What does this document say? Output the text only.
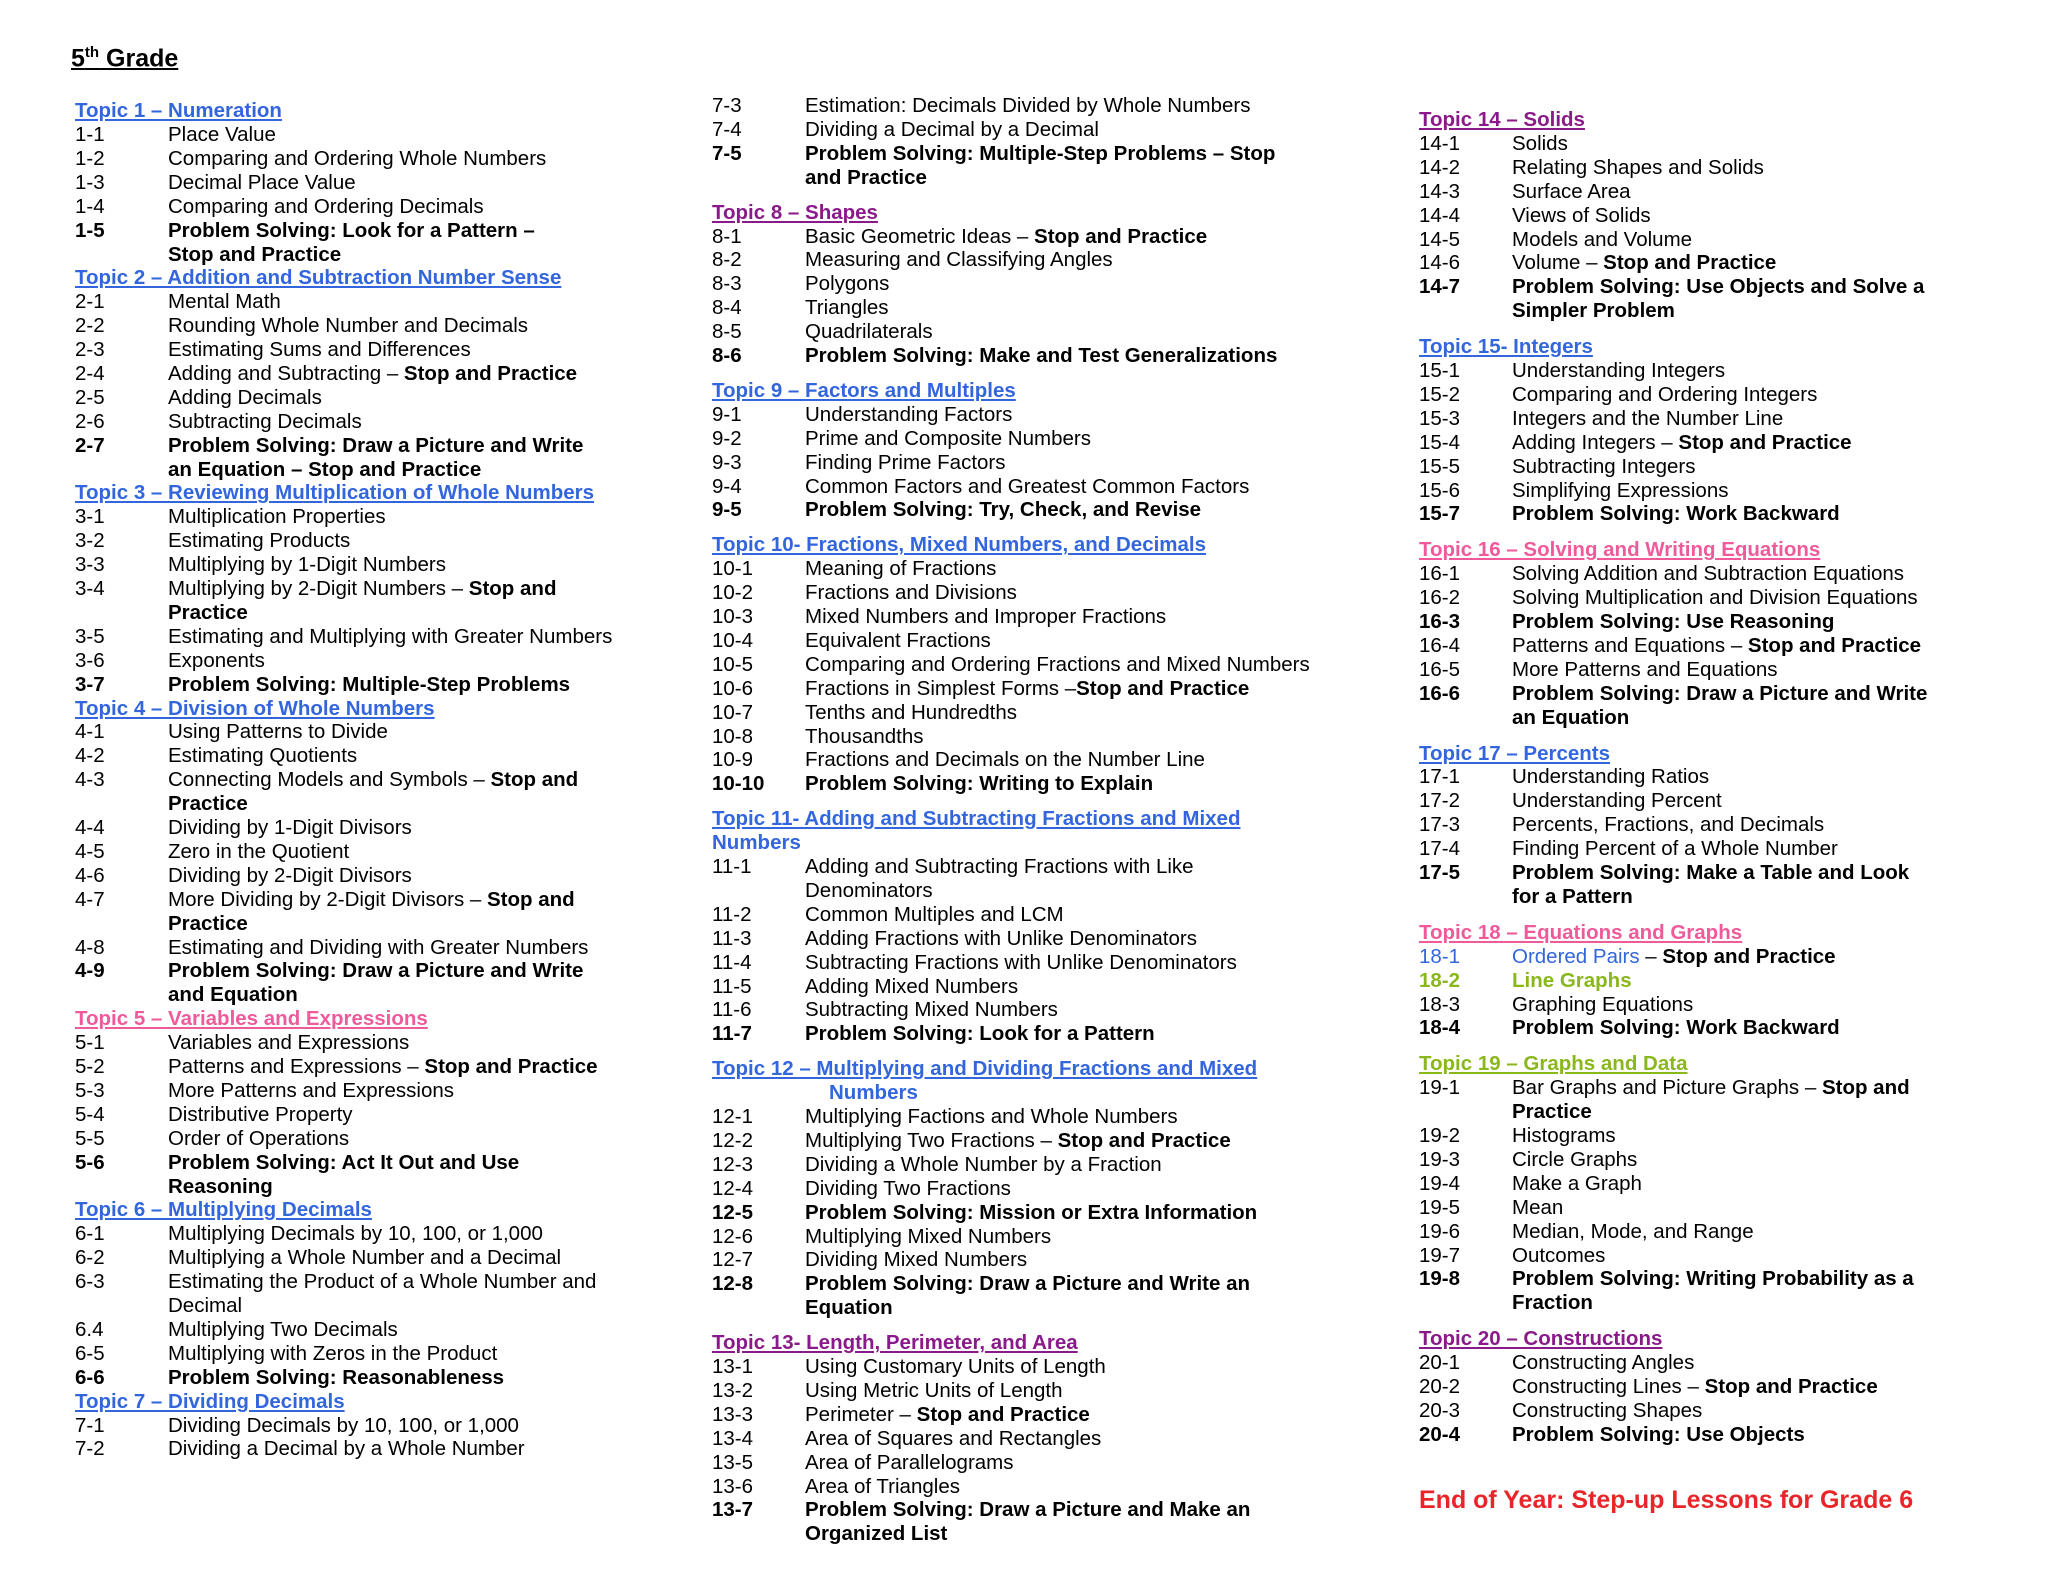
5th Grade
Topic 1 – Numeration
1-1	Place Value
1-2	Comparing and Ordering Whole Numbers
1-3	Decimal Place Value
1-4	Comparing and Ordering Decimals
1-5	Problem Solving: Look for a Pattern –
Stop and Practice
Topic 2 – Addition and Subtraction Number Sense
2-1	Mental Math
2-2	Rounding Whole Number and Decimals
2-3	Estimating Sums and Differences
2-4	Adding and Subtracting – Stop and Practice
2-5	Adding Decimals
2-6	Subtracting Decimals
2-7	Problem Solving: Draw a Picture and Write
an Equation – Stop and Practice
Topic 3 – Reviewing Multiplication of Whole Numbers
3-1	Multiplication Properties
3-2	Estimating Products
3-3	Multiplying by 1-Digit Numbers
3-4	Multiplying by 2-Digit Numbers – Stop and
Practice
3-5	Estimating and Multiplying with Greater Numbers
3-6	Exponents
3-7	Problem Solving: Multiple-Step Problems
Topic 4 – Division of Whole Numbers
4-1	Using Patterns to Divide
4-2	Estimating Quotients
4-3	Connecting Models and Symbols – Stop and
Practice
4-4	Dividing by 1-Digit Divisors
4-5	Zero in the Quotient
4-6	Dividing by 2-Digit Divisors
4-7	More Dividing by 2-Digit Divisors – Stop and
Practice
4-8	Estimating and Dividing with Greater Numbers
4-9	Problem Solving: Draw a Picture and Write
and Equation
Topic 5 – Variables and Expressions
5-1	Variables and Expressions
5-2	Patterns and Expressions – Stop and Practice
5-3	More Patterns and Expressions
5-4	Distributive Property
5-5	Order of Operations
5-6	Problem Solving: Act It Out and Use
Reasoning
Topic 6 – Multiplying Decimals
6-1	Multiplying Decimals by 10, 100, or 1,000
6-2	Multiplying a Whole Number and a Decimal
6-3	Estimating the Product of a Whole Number and
Decimal
6.4	Multiplying Two Decimals
6-5	Multiplying with Zeros in the Product
6-6	Problem Solving: Reasonableness
Topic 7 – Dividing Decimals
7-1	Dividing Decimals by 10, 100, or 1,000
7-2	Dividing a Decimal by a Whole Number
7-3	Estimation: Decimals Divided by Whole Numbers
7-4	Dividing a Decimal by a Decimal
7-5	Problem Solving: Multiple-Step Problems – Stop
and Practice
Topic 8 – Shapes
8-1	Basic Geometric Ideas – Stop and Practice
8-2	Measuring and Classifying Angles
8-3	Polygons
8-4	Triangles
8-5	Quadrilaterals
8-6	Problem Solving: Make and Test Generalizations
Topic 9 – Factors and Multiples
9-1	Understanding Factors
9-2	Prime and Composite Numbers
9-3	Finding Prime Factors
9-4	Common Factors and Greatest Common Factors
9-5	Problem Solving: Try, Check, and Revise
Topic 10- Fractions, Mixed Numbers, and Decimals
10-1	Meaning of Fractions
10-2	Fractions and Divisions
10-3	Mixed Numbers and Improper Fractions
10-4	Equivalent Fractions
10-5	Comparing and Ordering Fractions and Mixed Numbers
10-6	Fractions in Simplest Forms –Stop and Practice
10-7	Tenths and Hundredths
10-8	Thousandths
10-9	Fractions and Decimals on the Number Line
10-10 Problem Solving: Writing to Explain
Topic 11- Adding and Subtracting Fractions and Mixed
Numbers
11-1	Adding and Subtracting Fractions with Like
Denominators
11-2	Common Multiples and LCM
11-3	Adding Fractions with Unlike Denominators
11-4	Subtracting Fractions with Unlike Denominators
11-5	Adding Mixed Numbers
11-6	Subtracting Mixed Numbers
11-7	Problem Solving: Look for a Pattern
Topic 12 – Multiplying and Dividing Fractions and Mixed
Numbers
12-1	Multiplying Factions and Whole Numbers
12-2	Multiplying Two Fractions – Stop and Practice
12-3	Dividing a Whole Number by a Fraction
12-4	Dividing Two Fractions
12-5	Problem Solving: Mission or Extra Information
12-6	Multiplying Mixed Numbers
12-7	Dividing Mixed Numbers
12-8	Problem Solving: Draw a Picture and Write an
Equation
Topic 13- Length, Perimeter, and Area
13-1	Using Customary Units of Length
13-2	Using Metric Units of Length
13-3	Perimeter – Stop and Practice
13-4	Area of Squares and Rectangles
13-5	Area of Parallelograms
13-6	Area of Triangles
13-7	Problem Solving: Draw a Picture and Make an
Organized List
Topic 14 – Solids
14-1	Solids
14-2	Relating Shapes and Solids
14-3	Surface Area
14-4	Views of Solids
14-5	Models and Volume
14-6	Volume – Stop and Practice
14-7	Problem Solving: Use Objects and Solve a
Simpler Problem
Topic 15- Integers
15-1	Understanding Integers
15-2	Comparing and Ordering Integers
15-3	Integers and the Number Line
15-4	Adding Integers – Stop and Practice
15-5	Subtracting Integers
15-6	Simplifying Expressions
15-7	Problem Solving: Work Backward
Topic 16 – Solving and Writing Equations
16-1	Solving Addition and Subtraction Equations
16-2	Solving Multiplication and Division Equations
16-3	Problem Solving: Use Reasoning
16-4	Patterns and Equations – Stop and Practice
16-5	More Patterns and Equations
16-6	Problem Solving: Draw a Picture and Write
an Equation
Topic 17 – Percents
17-1	Understanding Ratios
17-2	Understanding Percent
17-3	Percents, Fractions, and Decimals
17-4	Finding Percent of a Whole Number
17-5	Problem Solving: Make a Table and Look
for a Pattern
Topic 18 – Equations and Graphs
18-1	Ordered Pairs – Stop and Practice
18-2	Line Graphs
18-3	Graphing Equations
18-4	Problem Solving: Work Backward
Topic 19 – Graphs and Data
19-1	Bar Graphs and Picture Graphs – Stop and
Practice
19-2	Histograms
19-3	Circle Graphs
19-4	Make a Graph
19-5	Mean
19-6	Median, Mode, and Range
19-7	Outcomes
19-8	Problem Solving: Writing Probability as a
Fraction
Topic 20 – Constructions
20-1	Constructing Angles
20-2	Constructing Lines – Stop and Practice
20-3	Constructing Shapes
20-4	Problem Solving: Use Objects
End of Year: Step-up Lessons for Grade 6
